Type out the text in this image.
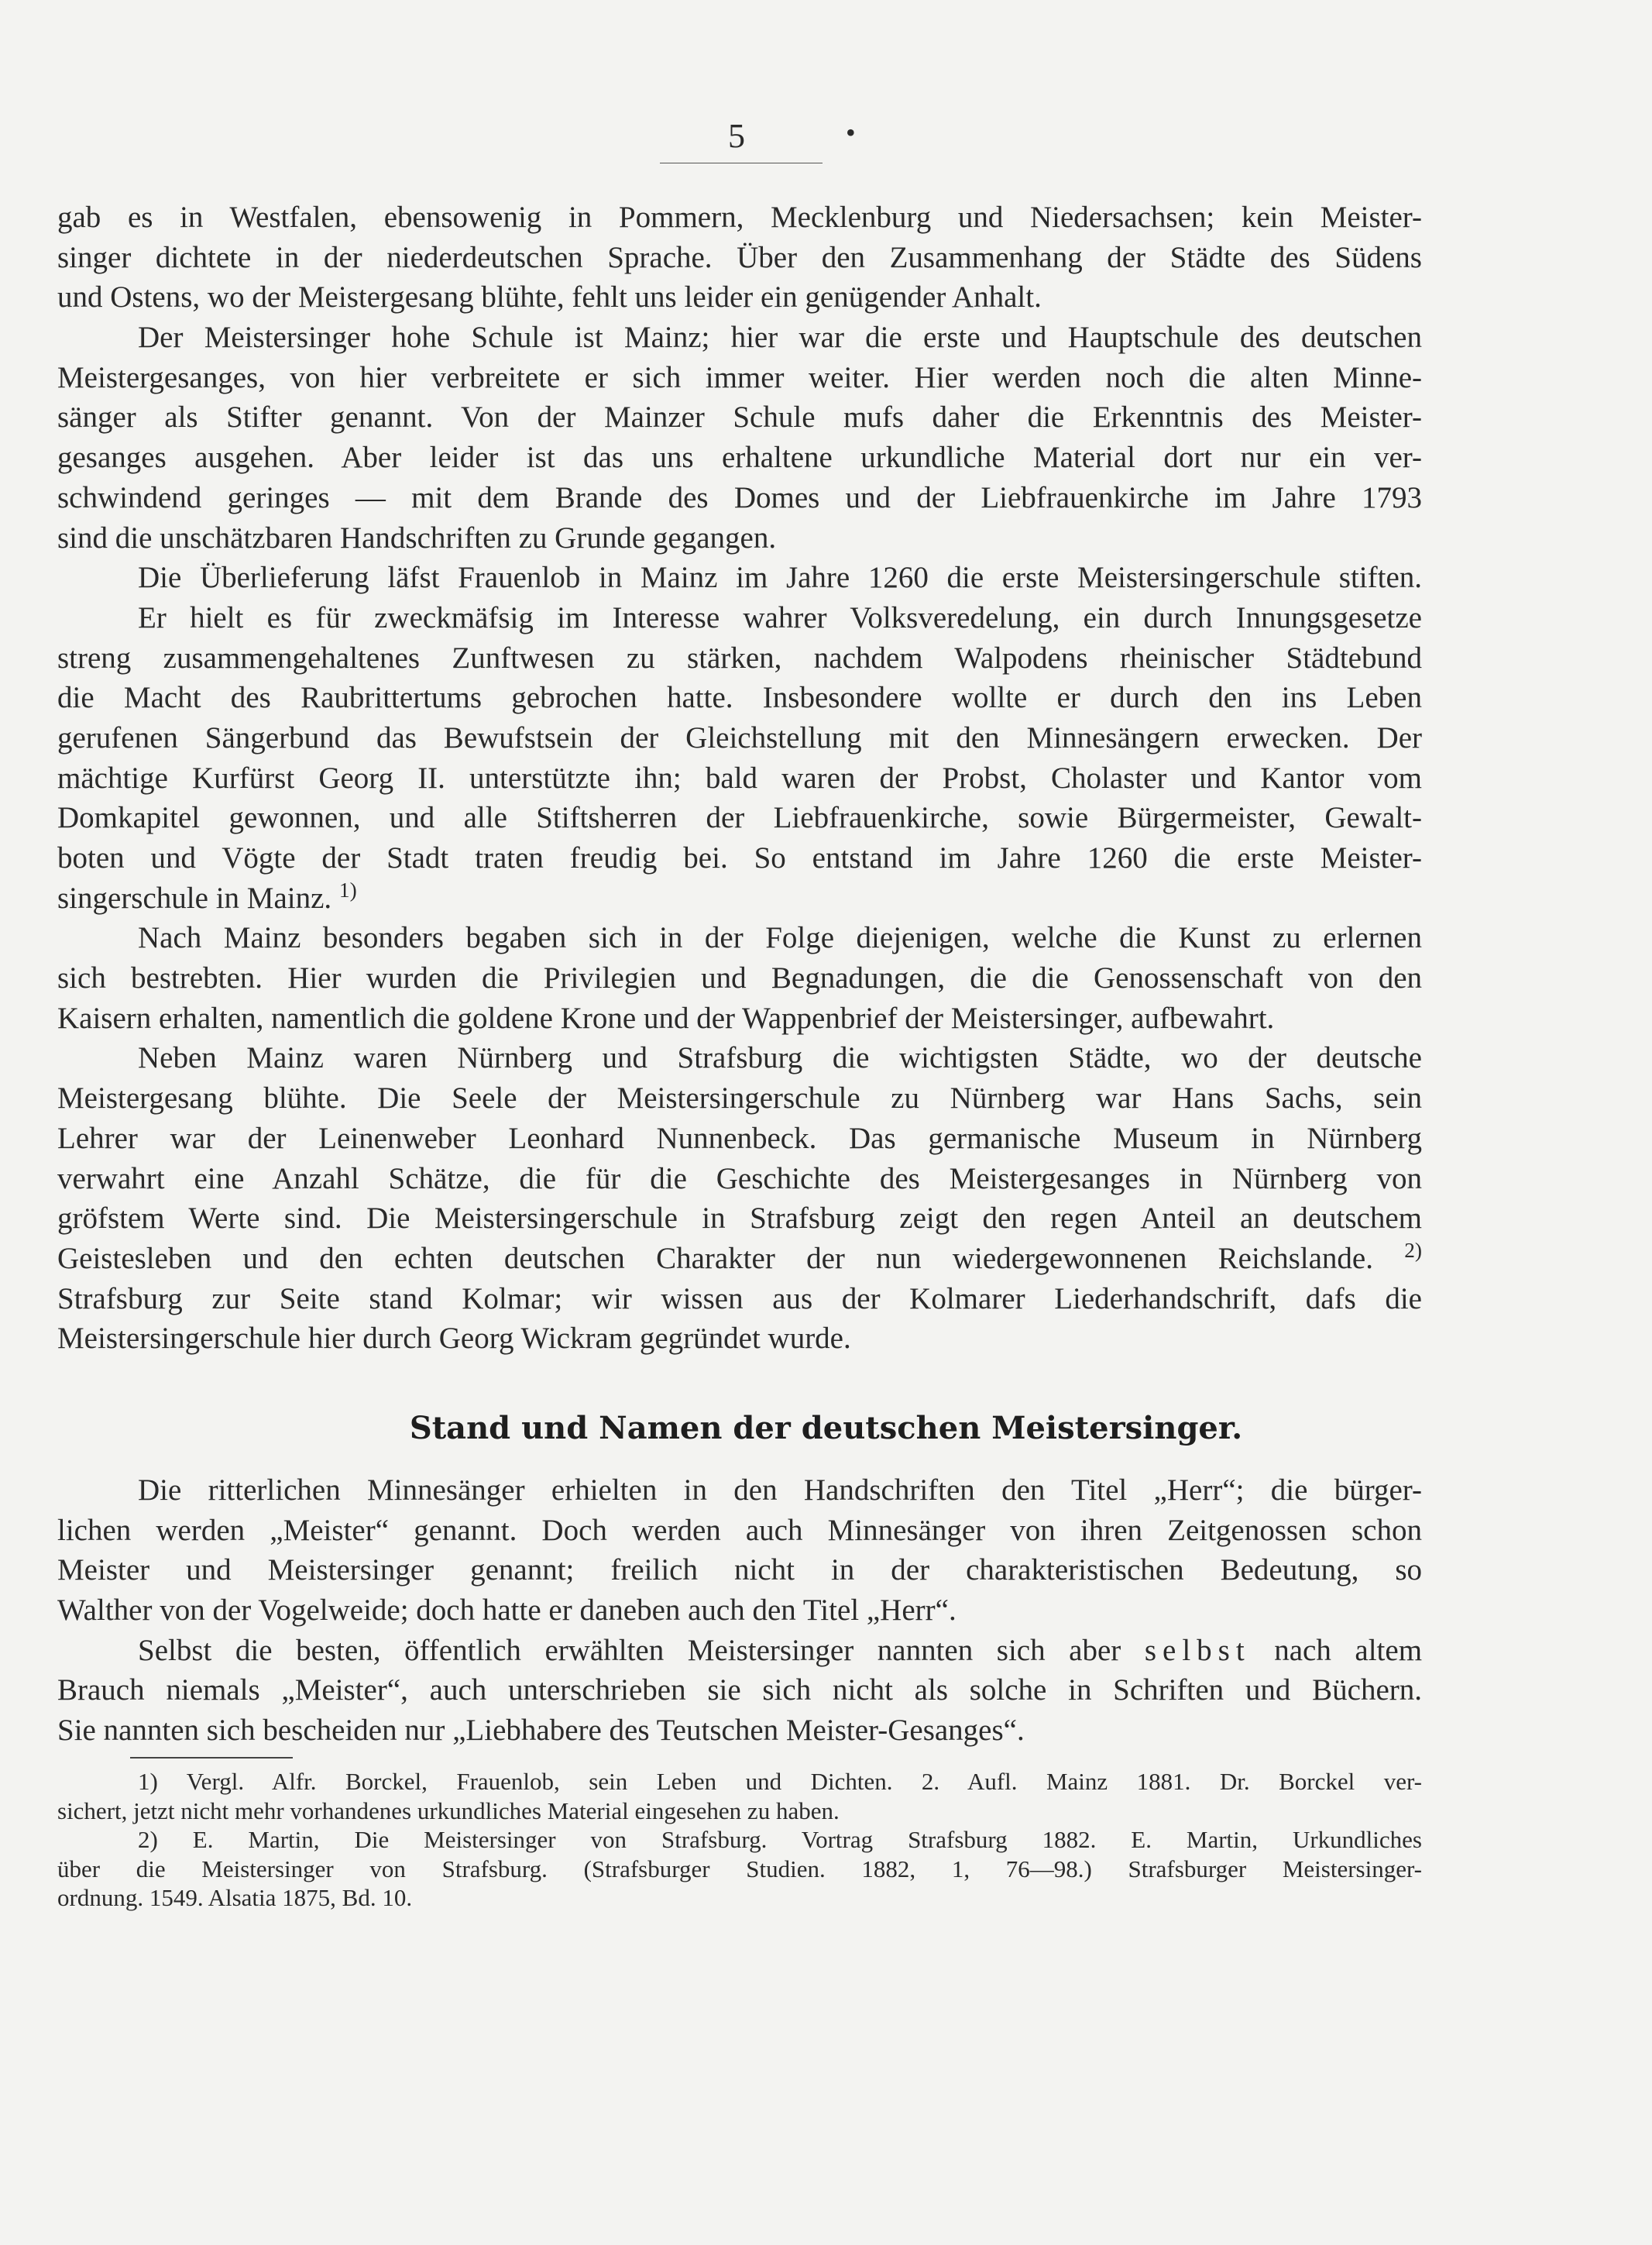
5	•
gab es in Westfalen, ebensowenig in Pommern, Mecklenburg und Niedersachsen; kein Meister-
singer dichtete in der niederdeutschen Sprache. Über den Zusammenhang der Städte des Südens
und Ostens, wo der Meistergesang blühte, fehlt uns leider ein genügender Anhalt.
Der Meistersinger hohe Schule ist Mainz; hier war die erste und Hauptschule des deutschen
Meistergesanges, von hier verbreitete er sich immer weiter. Hier werden noch die alten Minne-
sänger als Stifter genannt. Von der Mainzer Schule mufs daher die Erkenntnis des Meister-
gesanges ausgehen. Aber leider ist das uns erhaltene urkundliche Material dort nur ein ver-
schwindend geringes — mit dem Brande des Domes und der Liebfrauenkirche im Jahre 1793
sind die unschätzbaren Handschriften zu Grunde gegangen.
Die Überlieferung läfst Frauenlob in Mainz im Jahre 1260 die erste Meistersingerschule stiften.
Er hielt es für zweckmäfsig im Interesse wahrer Volksveredelung, ein durch Innungsgesetze
streng zusammengehaltenes Zunftwesen zu stärken, nachdem Walpodens rheinischer Städtebund
die Macht des Raubrittertums gebrochen hatte. Insbesondere wollte er durch den ins Leben
gerufenen Sängerbund das Bewufstsein der Gleichstellung mit den Minnesängern erwecken. Der
mächtige Kurfürst Georg II. unterstützte ihn; bald waren der Probst, Cholaster und Kantor vom
Domkapitel gewonnen, und alle Stiftsherren der Liebfrauenkirche, sowie Bürgermeister, Gewalt-
boten und Vögte der Stadt traten freudig bei. So entstand im Jahre 1260 die erste Meister-
singerschule in Mainz. $^{1)}$
Nach Mainz besonders begaben sich in der Folge diejenigen, welche die Kunst zu erlernen
sich bestrebten. Hier wurden die Privilegien und Begnadungen, die die Genossenschaft von den
Kaisern erhalten, namentlich die goldene Krone und der Wappenbrief der Meistersinger, aufbewahrt.
Neben Mainz waren Nürnberg und Strafsburg die wichtigsten Städte, wo der deutsche
Meistergesang blühte. Die Seele der Meistersingerschule zu Nürnberg war Hans Sachs, sein
Lehrer war der Leinenweber Leonhard Nunnenbeck. Das germanische Museum in Nürnberg
verwahrt eine Anzahl Schätze, die für die Geschichte des Meistergesanges in Nürnberg von
gröfstem Werte sind. Die Meistersingerschule in Strafsburg zeigt den regen Anteil an deutschem
Geistesleben und den echten deutschen Charakter der nun wiedergewonnenen Reichslande. $^{2)}$
Strafsburg zur Seite stand Kolmar; wir wissen aus der Kolmarer Liederhandschrift, dafs die
Meistersingerschule hier durch Georg Wickram gegründet wurde.
Stand und Namen der deutschen Meistersinger.
Die ritterlichen Minnesänger erhielten in den Handschriften den Titel „Herr“; die bürger-
lichen werden „Meister“ genannt. Doch werden auch Minnesänger von ihren Zeitgenossen schon
Meister und Meistersinger genannt; freilich nicht in der charakteristischen Bedeutung, so
Walther von der Vogelweide; doch hatte er daneben auch den Titel „Herr“.
Selbst die besten, öffentlich erwählten Meistersinger nannten sich aber selbst nach altem
Brauch niemals „Meister“, auch unterschrieben sie sich nicht als solche in Schriften und Büchern.
Sie nannten sich bescheiden nur „Liebhabere des Teutschen Meister-Gesanges“.
1) Vergl. Alfr. Borckel, Frauenlob, sein Leben und Dichten. 2. Aufl. Mainz 1881. Dr. Borckel ver-
sichert, jetzt nicht mehr vorhandenes urkundliches Material eingesehen zu haben.
2) E. Martin, Die Meistersinger von Strafsburg. Vortrag Strafsburg 1882. E. Martin, Urkundliches
über die Meistersinger von Strafsburg. (Strafsburger Studien. 1882, 1, 76—98.) Strafsburger Meistersinger-
ordnung. 1549. Alsatia 1875, Bd. 10.
